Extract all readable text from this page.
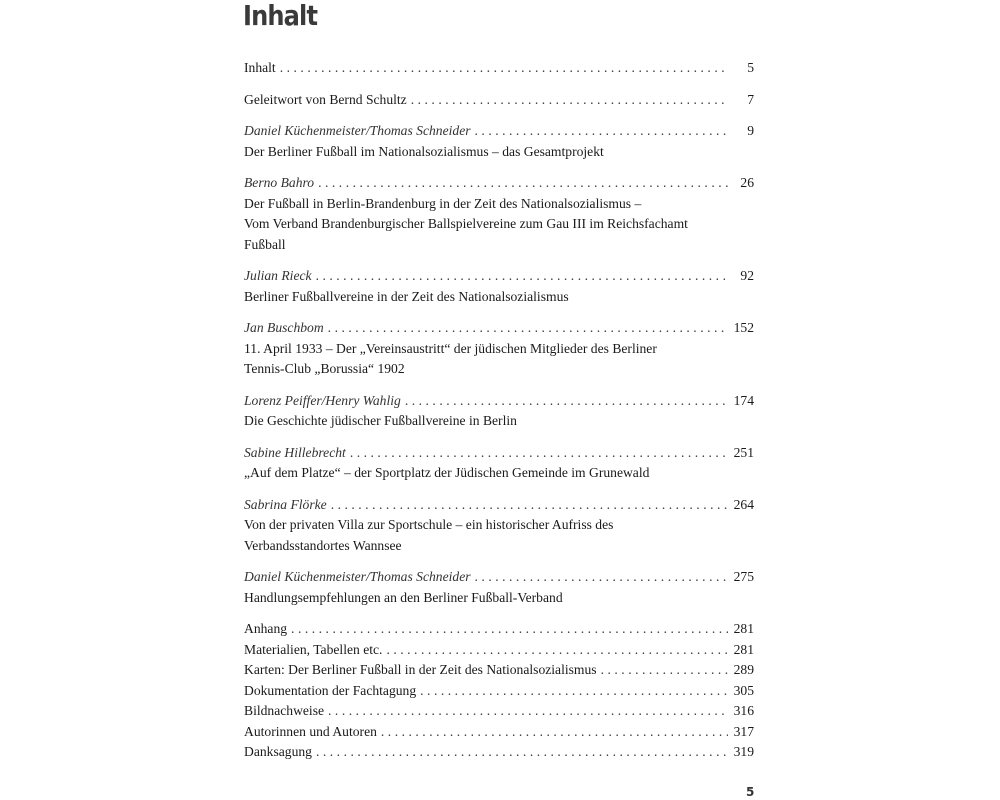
Inhalt
Inhalt .....	5
Geleitwort von Bernd Schultz .....	7
Daniel Küchenmeister/Thomas Schneider .....	9
Der Berliner Fußball im Nationalsozialismus – das Gesamtprojekt
Berno Bahro .....	26
Der Fußball in Berlin-Brandenburg in der Zeit des Nationalsozialismus –
Vom Verband Brandenburgischer Ballspielvereine zum Gau III im Reichsfachamt
Fußball
Julian Rieck .....	92
Berliner Fußballvereine in der Zeit des Nationalsozialismus
Jan Buschbom .....	152
11. April 1933 – Der „Vereinsaustritt“ der jüdischen Mitglieder des Berliner
Tennis-Club „Borussia“ 1902
Lorenz Peiffer/Henry Wahlig .....	174
Die Geschichte jüdischer Fußballvereine in Berlin
Sabine Hillebrecht .....	251
„Auf dem Platze“ – der Sportplatz der Jüdischen Gemeinde im Grunewald
Sabrina Flörke .....	264
Von der privaten Villa zur Sportschule – ein historischer Aufriss des
Verbandsstandortes Wannsee
Daniel Küchenmeister/Thomas Schneider .....	275
Handlungsempfehlungen an den Berliner Fußball-Verband
Anhang .....	281
Materialien, Tabellen etc. .....	281
Karten: Der Berliner Fußball in der Zeit des Nationalsozialismus .....	289
Dokumentation der Fachtagung .....	305
Bildnachweise .....	316
Autorinnen und Autoren .....	317
Danksagung .....	319
5
